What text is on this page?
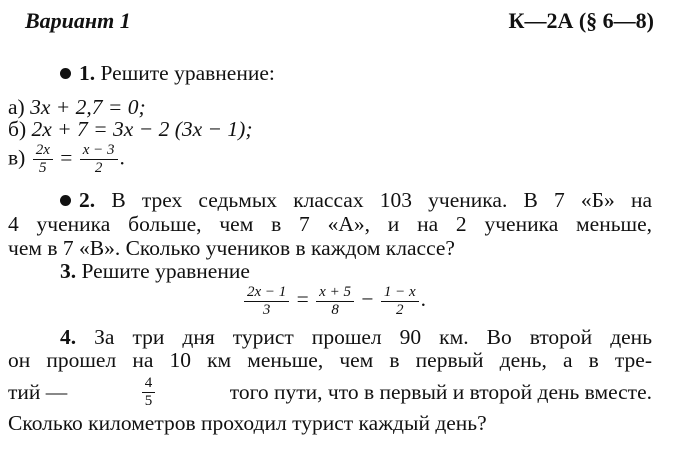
Вариант 1	К—2А (§ 6—8)
1. Решите уравнение:
а) 3x + 2,7 = 0;
б) 2x + 7 = 3x − 2 (3x − 1);
$в) \frac{2x}{5} = \frac{x - 3}{2}$ .
2. В трех седьмых классах 103 ученика. В 7 «Б» на
4 ученика больше, чем в 7 «А», и на 2 ученика меньше,
чем в 7 «В». Сколько учеников в каждом классе?
3. Решите уравнение
$\frac{2x - 1}{3} = \frac{x + 5}{8} - \frac{1 - x}{2}$ .
4. За три дня турист прошел 90 км. Во второй день
он прошел на 10 км меньше, чем в первый день, а в тре-
тий —	$\frac{4}{5}$	того пути, что в первый и второй день вместе.
Сколько километров проходил турист каждый день?
